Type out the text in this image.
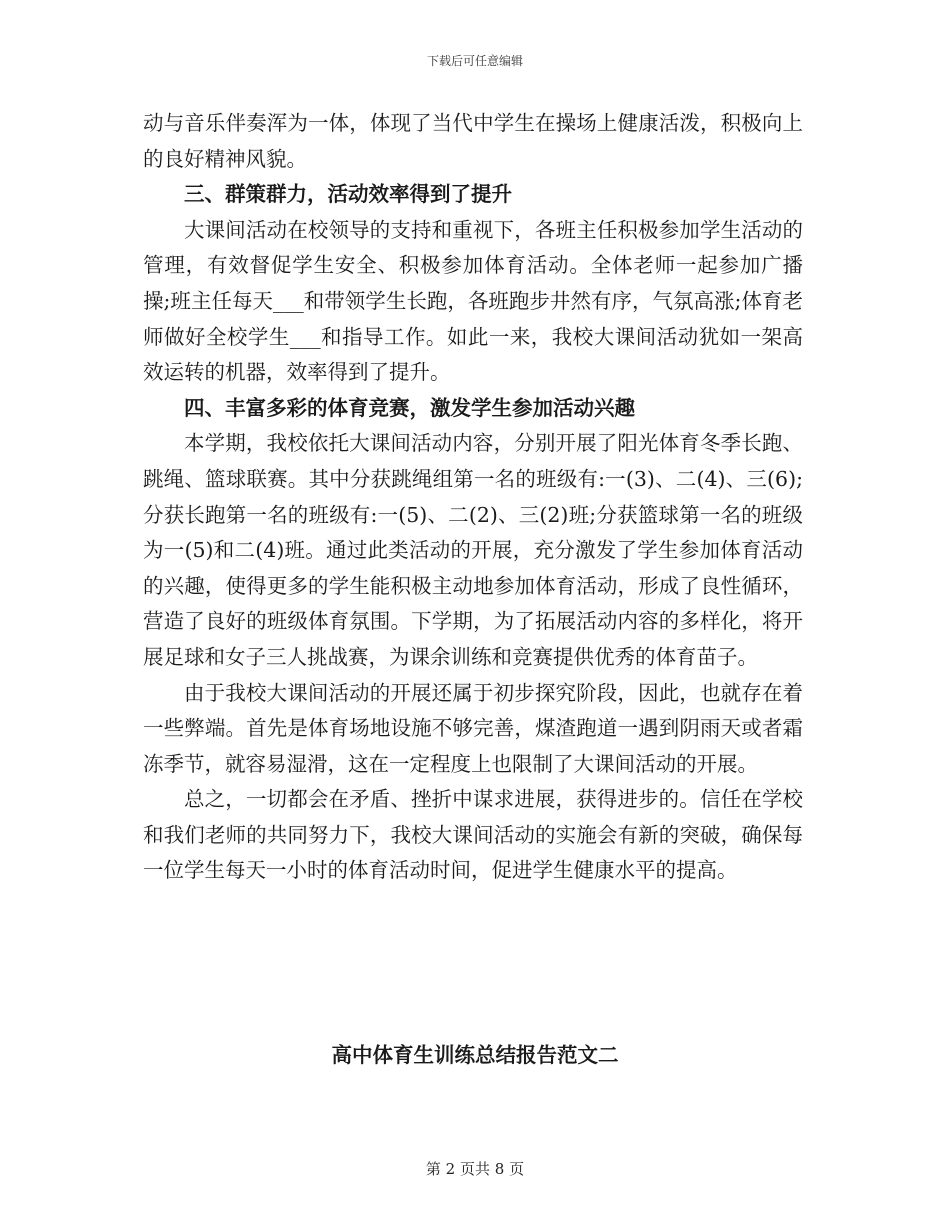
下载后可任意编辑

动与音乐伴奏浑为一体，体现了当代中学生在操场上健康活泼，积极向上的良好精神风貌。

三、群策群力，活动效率得到了提升

大课间活动在校领导的支持和重视下，各班主任积极参加学生活动的管理，有效督促学生安全、积极参加体育活动。全体老师一起参加广播操;班主任每天___和带领学生长跑，各班跑步井然有序，气氛高涨;体育老师做好全校学生___和指导工作。如此一来，我校大课间活动犹如一架高效运转的机器，效率得到了提升。

四、丰富多彩的体育竞赛，激发学生参加活动兴趣

本学期，我校依托大课间活动内容，分别开展了阳光体育冬季长跑、跳绳、篮球联赛。其中分获跳绳组第一名的班级有:一(3)、二(4)、三(6);分获长跑第一名的班级有:一(5)、二(2)、三(2)班;分获篮球第一名的班级为一(5)和二(4)班。通过此类活动的开展，充分激发了学生参加体育活动的兴趣，使得更多的学生能积极主动地参加体育活动，形成了良性循环，营造了良好的班级体育氛围。下学期，为了拓展活动内容的多样化，将开展足球和女子三人挑战赛，为课余训练和竞赛提供优秀的体育苗子。

由于我校大课间活动的开展还属于初步探究阶段，因此，也就存在着一些弊端。首先是体育场地设施不够完善，煤渣跑道一遇到阴雨天或者霜冻季节，就容易湿滑，这在一定程度上也限制了大课间活动的开展。

总之，一切都会在矛盾、挫折中谋求进展，获得进步的。信任在学校和我们老师的共同努力下，我校大课间活动的实施会有新的突破，确保每一位学生每天一小时的体育活动时间，促进学生健康水平的提高。

高中体育生训练总结报告范文二
第 2 页共 8 页
